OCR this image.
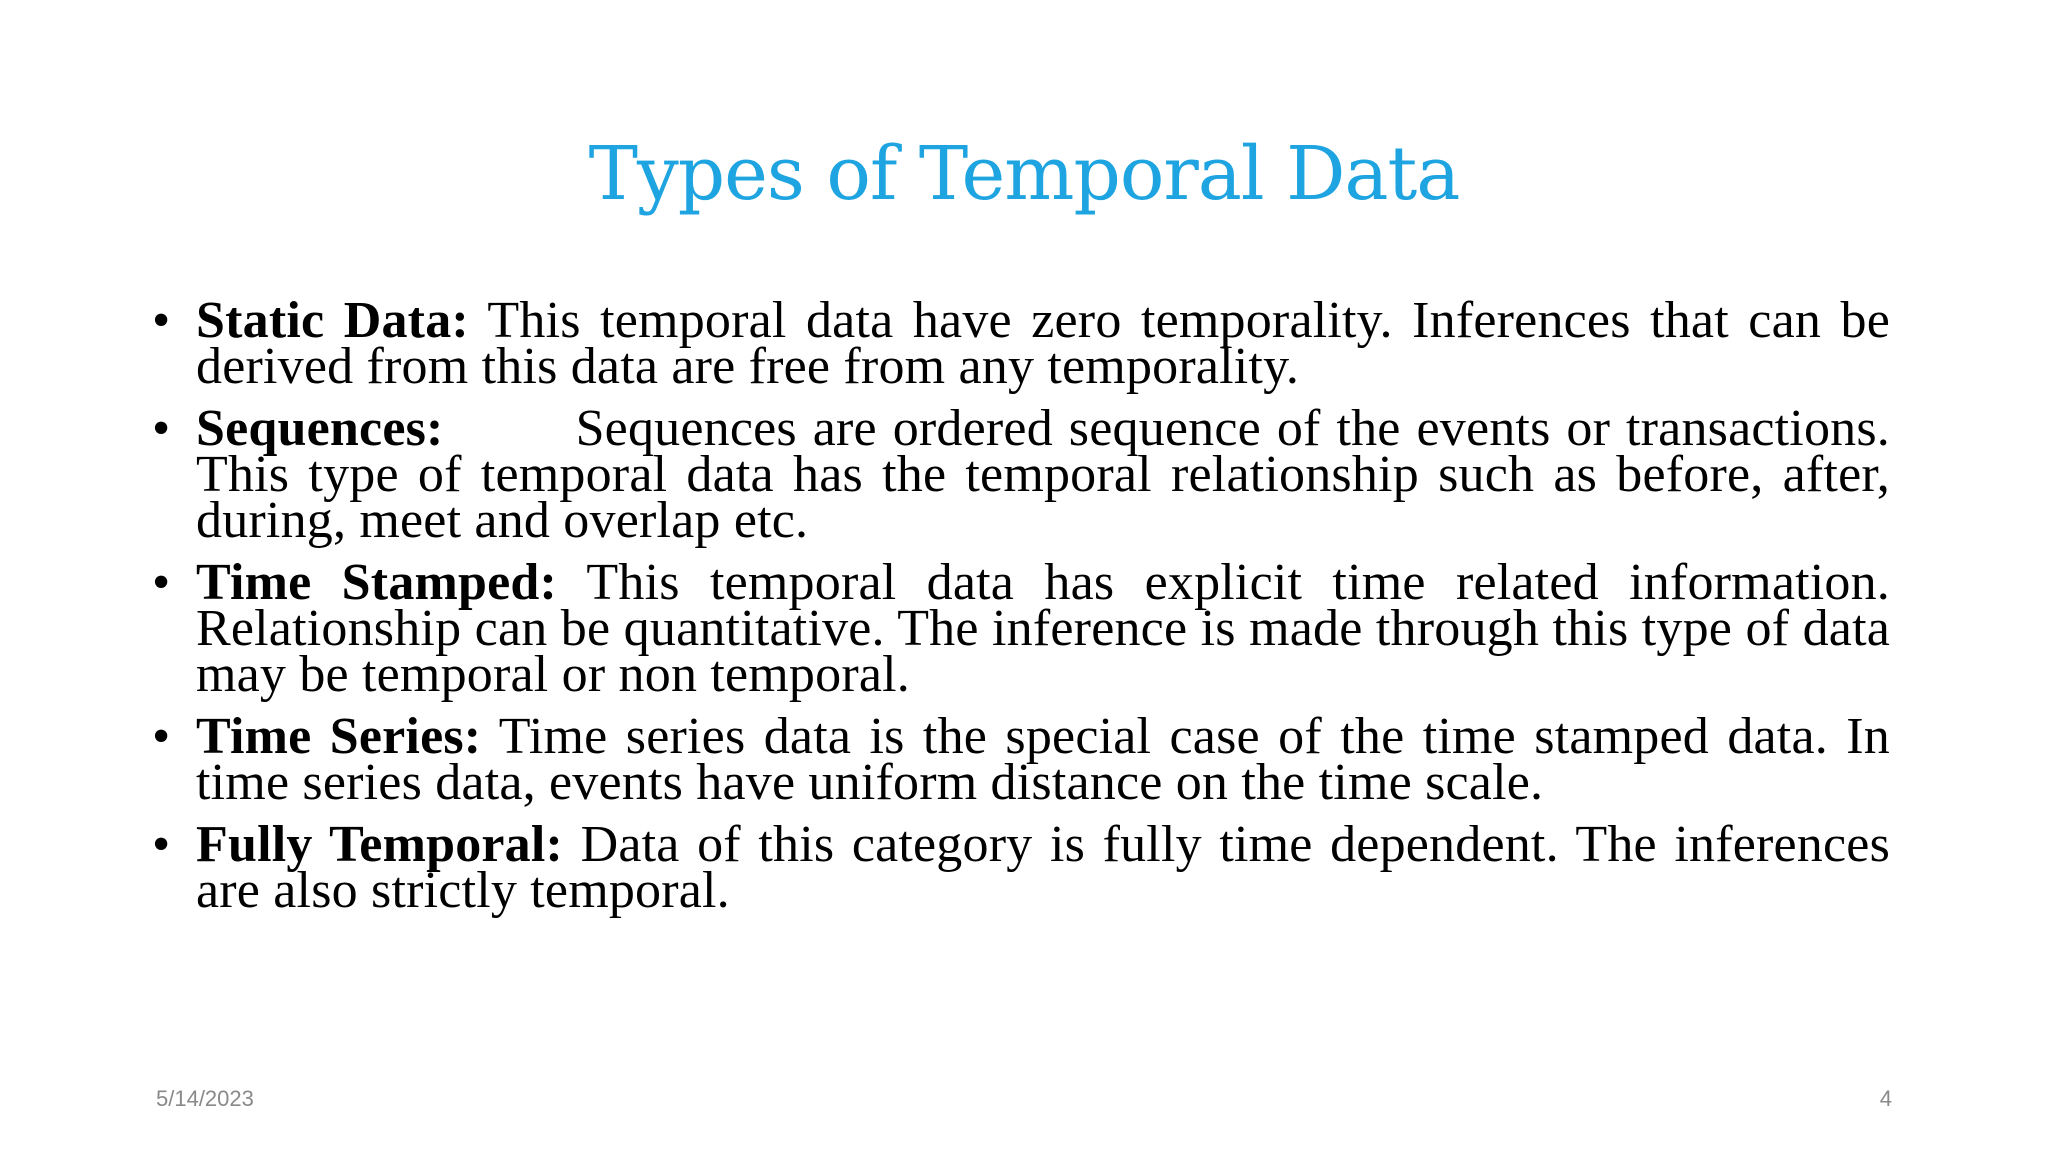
Types of Temporal Data
• Static Data: This temporal data have zero temporality. Inferences that can be derived from this data are free from any temporality.
• Sequences:	Sequences are ordered sequence of the events or transactions. This type of temporal data has the temporal relationship such as before, after, during, meet and overlap etc.
• Time Stamped: This temporal data has explicit time related information. Relationship can be quantitative. The inference is made through this type of data may be temporal or non temporal.
• Time Series: Time series data is the special case of the time stamped data. In time series data, events have uniform distance on the time scale.
• Fully Temporal: Data of this category is fully time dependent. The inferences are also strictly temporal.
5/14/2023	4
